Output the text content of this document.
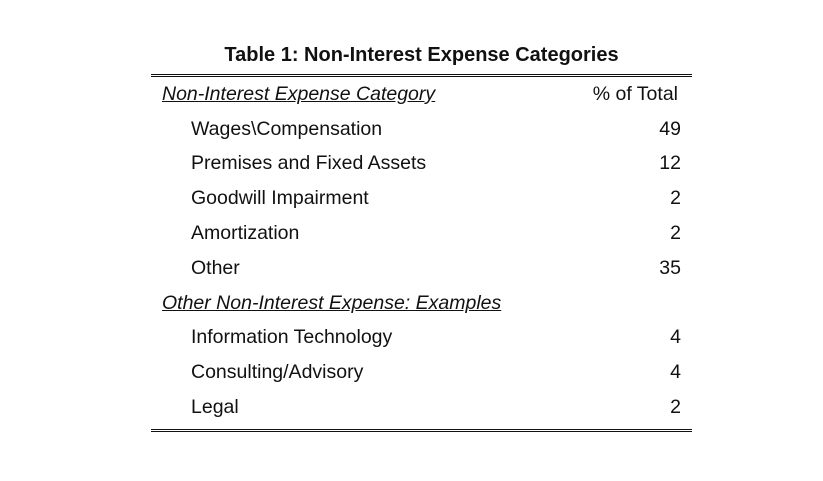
Table 1: Non-Interest Expense Categories
Non-Interest Expense Category	% of Total
Wages\Compensation	49
Premises and Fixed Assets	12
Goodwill Impairment	2
Amortization	2
Other	35
Other Non-Interest Expense: Examples
Information Technology	4
Consulting/Advisory	4
Legal	2
